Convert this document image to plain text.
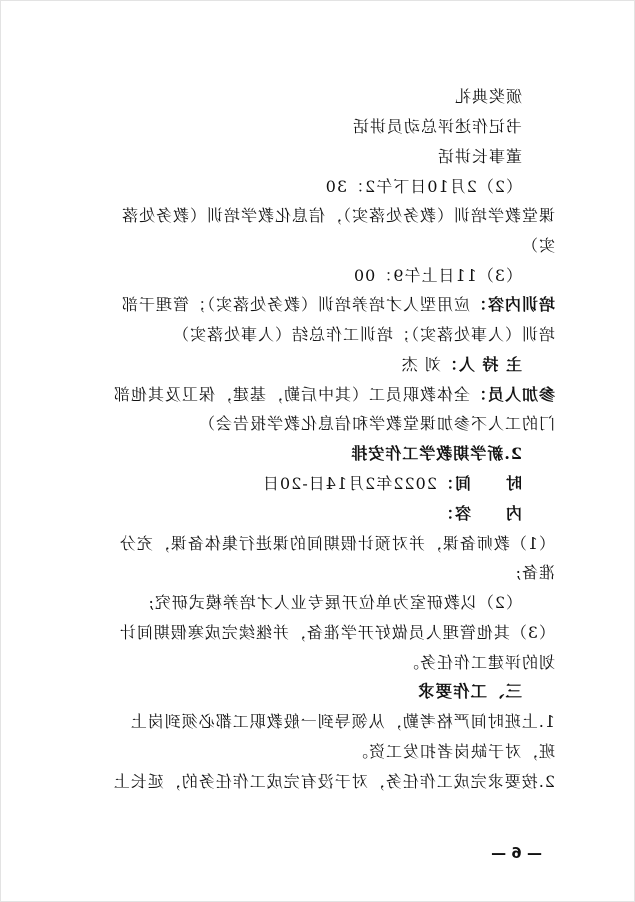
颁奖典礼
书记作述评总动员讲话
董事长讲话
（2）2月10日下午2：30
课堂教学培训（教务处落实），信息化教学培训（教务处落
实）
（3）11日上午9：00
培训内容：应用型人才培养培训（教务处落实）；管理干部
培训（人事处落实）；培训工作总结（人事处落实）
主 持 人：刘 杰
参加人员：全体教职员工（其中后勤，基建，保卫及其他部
门的工人不参加课堂教学和信息化教学报告会）
2.新学期教学工作安排
时　　间：2022年2月14日-20日
内　　容：
（1）教师备课，并对预计假期间的课进行集体备课，充分
准备;
（2）以教研室为单位开展专业人才培养模式研究;
（3）其他管理人员做好开学准备，并继续完成寒假期间计
划的评建工作任务。
三、工作要求
1.上班时间严格考勤，从领导到一般教职工都必须到岗上
班，对于缺岗者扣发工资。
2.按要求完成工作任务，对于没有完成工作任务的，延长上
— 6 —
